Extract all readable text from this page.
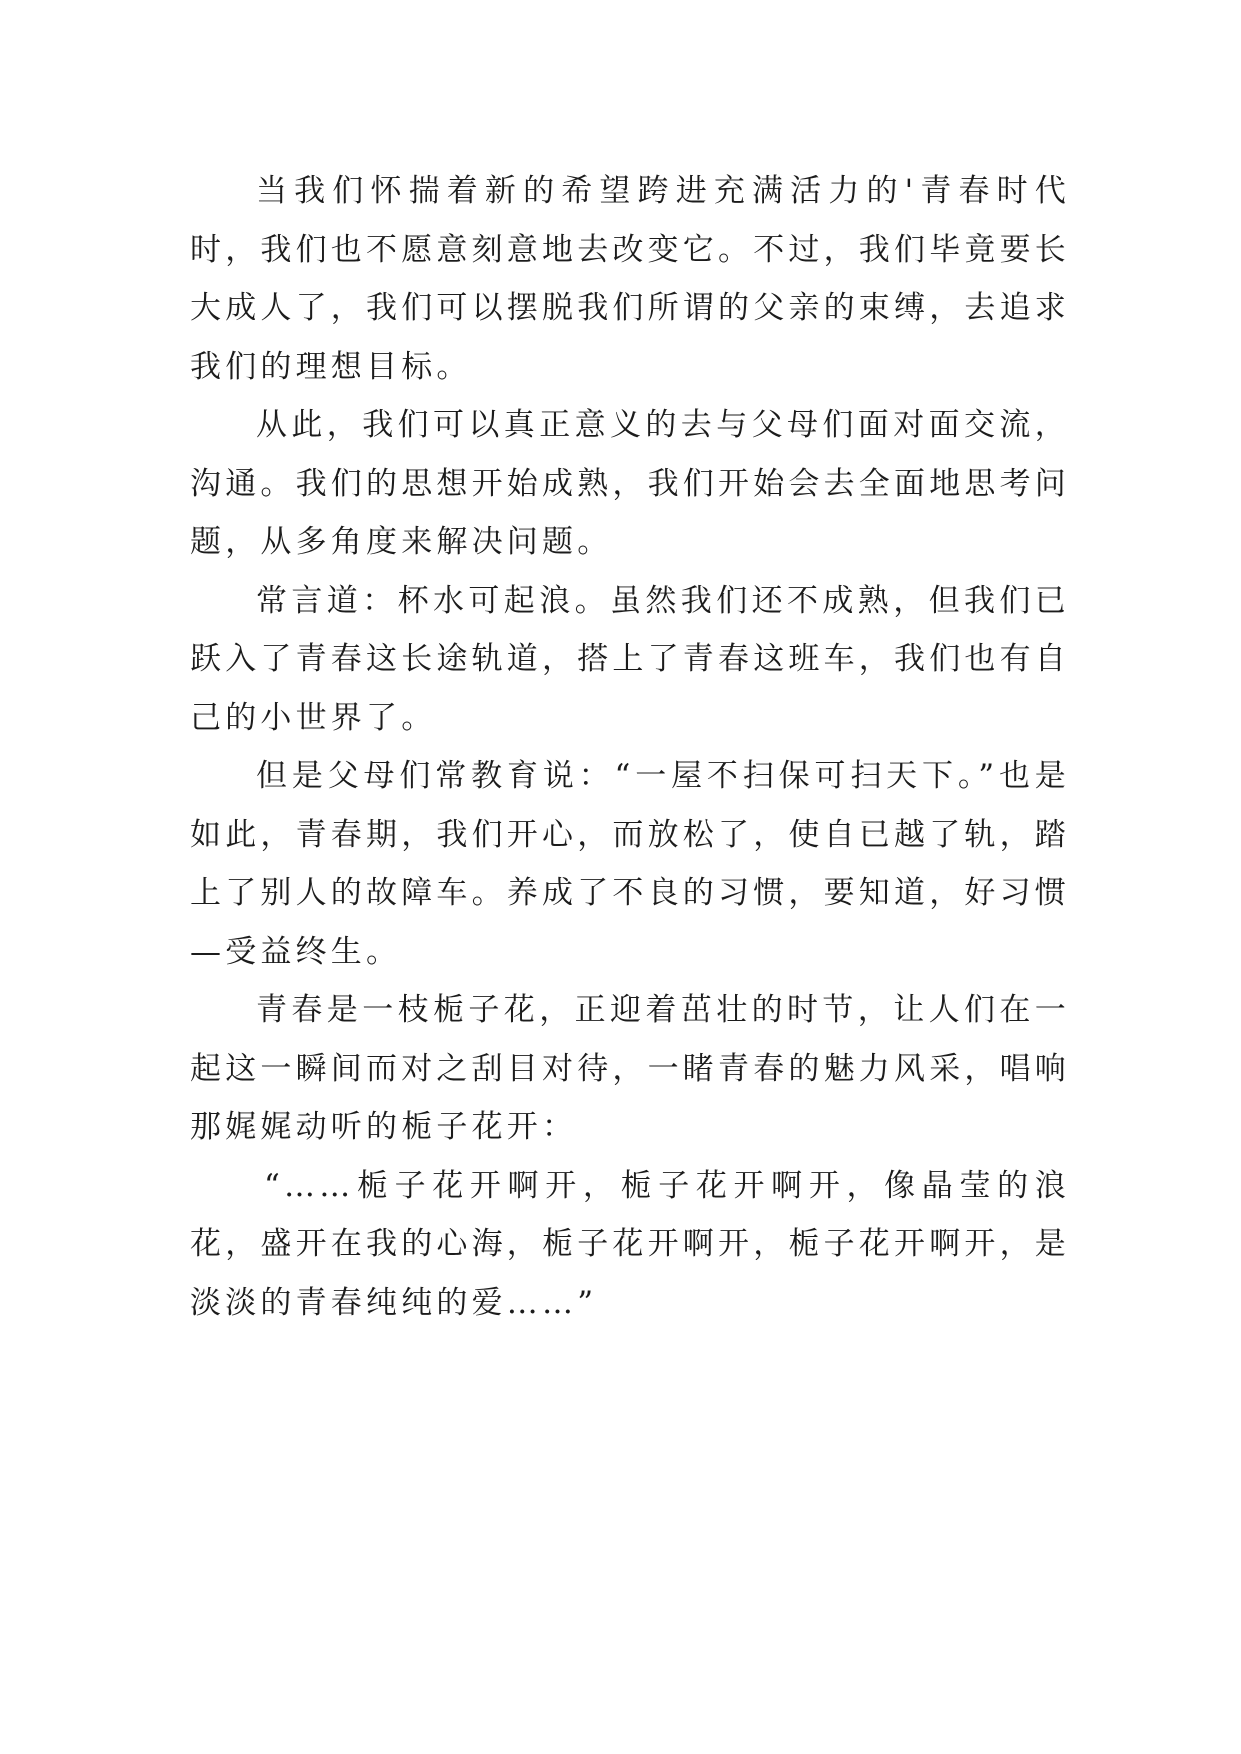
当我们怀揣着新的希望跨进充满活力的'青春时代时，我们也不愿意刻意地去改变它。不过，我们毕竟要长大成人了，我们可以摆脱我们所谓的父亲的束缚，去追求我们的理想目标。

从此，我们可以真正意义的去与父母们面对面交流，沟通。我们的思想开始成熟，我们开始会去全面地思考问题，从多角度来解决问题。

常言道：杯水可起浪。虽然我们还不成熟，但我们已跃入了青春这长途轨道，搭上了青春这班车，我们也有自己的小世界了。

但是父母们常教育说：“一屋不扫保可扫天下。”也是如此，青春期，我们开心，而放松了，使自已越了轨，踏上了别人的故障车。养成了不良的习惯，要知道，好习惯—受益终生。

青春是一枝栀子花，正迎着茁壮的时节，让人们在一起这一瞬间而对之刮目对待，一睹青春的魅力风采，唱响那娓娓动听的栀子花开：

“……栀子花开啊开，栀子花开啊开，像晶莹的浪花，盛开在我的心海，栀子花开啊开，栀子花开啊开，是淡淡的青春纯纯的爱……”
